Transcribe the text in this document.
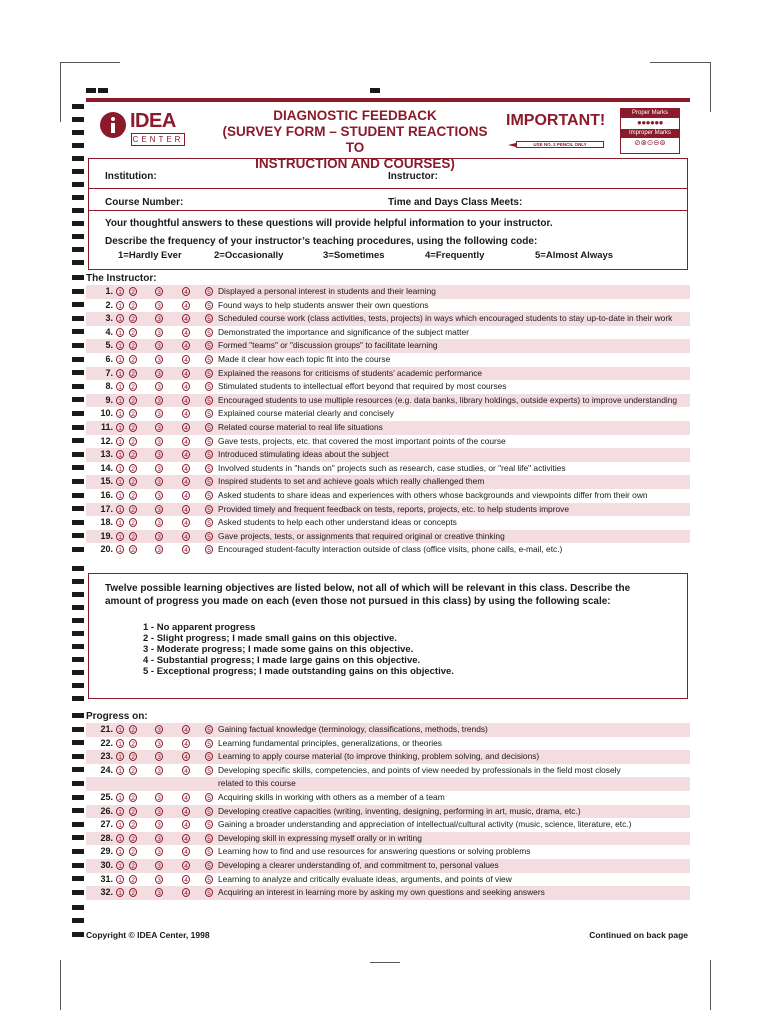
IDEA
CENTER
DIAGNOSTIC FEEDBACK
(SURVEY FORM – STUDENT REACTIONS TO
INSTRUCTION AND COURSES)
IMPORTANT!
USE NO. 2 PENCIL ONLY
Proper Marks
●●●●●●
Improper Marks
⊘⊗⊙⊖⊚
Institution:	Instructor:
Course Number:	Time and Days Class Meets:
Your thoughtful answers to these questions will provide helpful information to your instructor.
Describe the frequency of your instructor’s teaching procedures, using the following code:
1=Hardly Ever	2=Occasionally	3=Sometimes	4=Frequently	5=Almost Always
The Instructor:
1. 1	2	3	4	5 Displayed a personal interest in students and their learning
2. 1	2	3	4	5 Found ways to help students answer their own questions
3. 1	2	3	4	5 Scheduled course work (class activities, tests, projects) in ways which encouraged students to stay up-to-date in their work
4. 1	2	3	4	5 Demonstrated the importance and significance of the subject matter
5. 1	2	3	4	5 Formed "teams" or "discussion groups" to facilitate learning
6. 1	2	3	4	5 Made it clear how each topic fit into the course
7. 1	2	3	4	5 Explained the reasons for criticisms of students’ academic performance
8. 1	2	3	4	5 Stimulated students to intellectual effort beyond that required by most courses
9. 1	2	3	4	5 Encouraged students to use multiple resources (e.g. data banks, library holdings, outside experts) to improve understanding
10. 1	2	3	4	5 Explained course material clearly and concisely
11. 1	2	3	4	5 Related course material to real life situations
12. 1	2	3	4	5 Gave tests, projects, etc. that covered the most important points of the course
13. 1	2	3	4	5 Introduced stimulating ideas about the subject
14. 1	2	3	4	5 Involved students in "hands on" projects such as research, case studies, or "real life" activities
15. 1	2	3	4	5 Inspired students to set and achieve goals which really challenged them
16. 1	2	3	4	5 Asked students to share ideas and experiences with others whose backgrounds and viewpoints differ from their own
17. 1	2	3	4	5 Provided timely and frequent feedback on tests, reports, projects, etc. to help students improve
18. 1	2	3	4	5 Asked students to help each other understand ideas or concepts
19. 1	2	3	4	5 Gave projects, tests, or assignments that required original or creative thinking
20. 1	2	3	4	5 Encouraged student-faculty interaction outside of class (office visits, phone calls, e-mail, etc.)
Twelve possible learning objectives are listed below, not all of which will be relevant in this class. Describe the
amount of progress you made on each (even those not pursued in this class) by using the following scale:
1 - No apparent progress
2 - Slight progress; I made small gains on this objective.
3 - Moderate progress; I made some gains on this objective.
4 - Substantial progress; I made large gains on this objective.
5 - Exceptional progress; I made outstanding gains on this objective.
Progress on:
21. 1	2	3	4	5 Gaining factual knowledge (terminology, classifications, methods, trends)
22. 1	2	3	4	5 Learning fundamental principles, generalizations, or theories
23. 1	2	3	4	5 Learning to apply course material (to improve thinking, problem solving, and decisions)
24. 1	2	3	4	5 Developing specific skills, competencies, and points of view needed by professionals in the field most closely
related to this course
25. 1	2	3	4	5 Acquiring skills in working with others as a member of a team
26. 1	2	3	4	5 Developing creative capacities (writing, inventing, designing, performing in art, music, drama, etc.)
27. 1	2	3	4	5 Gaining a broader understanding and appreciation of intellectual/cultural activity (music, science, literature, etc.)
28. 1	2	3	4	5 Developing skill in expressing myself orally or in writing
29. 1	2	3	4	5 Learning how to find and use resources for answering questions or solving problems
30. 1	2	3	4	5 Developing a clearer understanding of, and commitment to, personal values
31. 1	2	3	4	5 Learning to analyze and critically evaluate ideas, arguments, and points of view
32. 1	2	3	4	5 Acquiring an interest in learning more by asking my own questions and seeking answers
Copyright © IDEA Center, 1998	Continued on back page
